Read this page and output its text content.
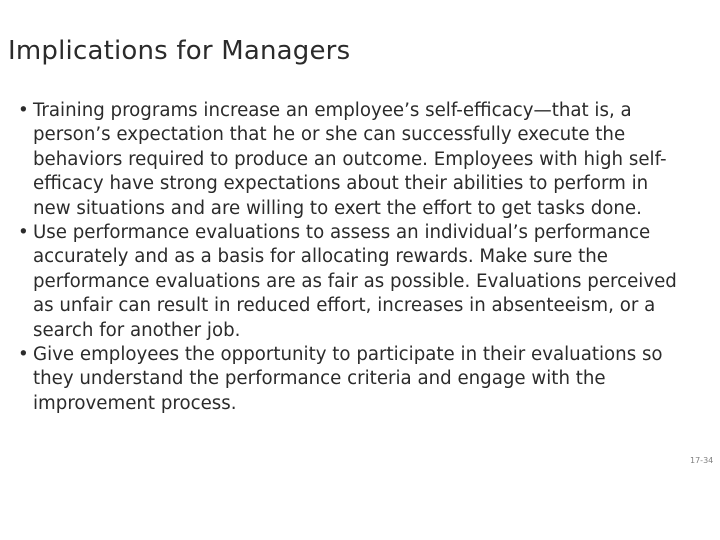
Implications for Managers
• Training programs increase an employee’s self-efficacy—that is, a person’s expectation that he or she can successfully execute the behaviors required to produce an outcome. Employees with high self-efficacy have strong expectations about their abilities to perform in new situations and are willing to exert the effort to get tasks done.
• Use performance evaluations to assess an individual’s performance accurately and as a basis for allocating rewards. Make sure the performance evaluations are as fair as possible. Evaluations perceived as unfair can result in reduced effort, increases in absenteeism, or a search for another job.
• Give employees the opportunity to participate in their evaluations so they understand the performance criteria and engage with the improvement process.
17-34
